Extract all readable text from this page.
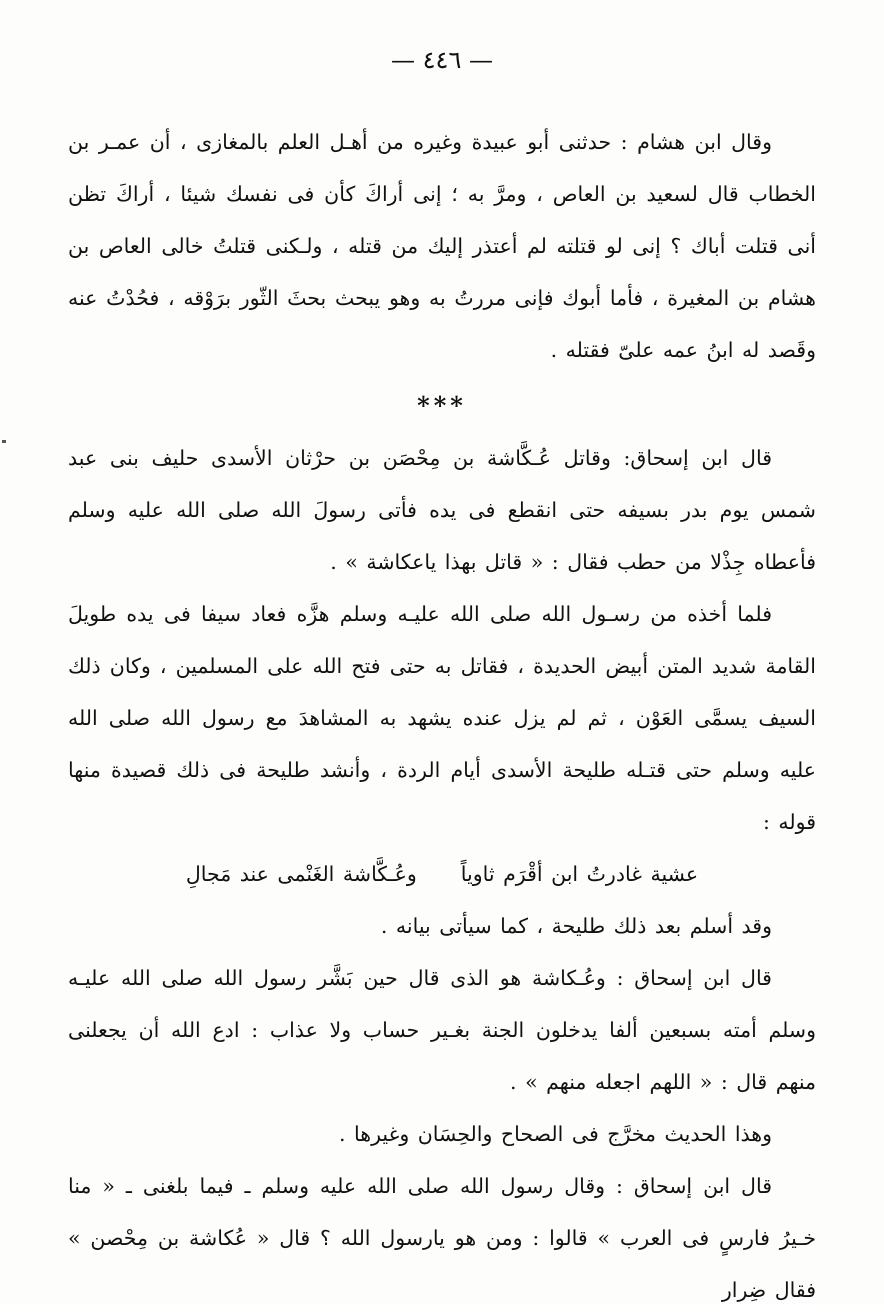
— ٤٤٦ —

وقال ابن هشام : حدثنى أبو عبيدة وغيره من أهـل العلم بالمغازى ، أن عمـر بن الخطاب قال لسعيد بن العاص ، ومرَّ به ؛ إنى أراكَ كأن فى نفسك شيئا ، أراكَ تظن أنى قتلت أباك ؟ إنى لو قتلته لم أعتذر إليك من قتله ، ولـكنى قتلتُ خالى العاص بن هشام بن المغيرة ، فأما أبوك فإنى مررتُ به وهو يبحث بحثَ الثّور برَوْقه ، فحُدْتُ عنه وقَصد له ابنُ عمه علىّ فقتله .

***

قال ابن إسحاق: وقاتل عُـكَّاشة بن مِحْصَن بن حرْثان الأسدى حليف بنى عبد شمس يوم بدر بسيفه حتى انقطع فى يده فأتى رسولَ الله صلى الله عليه وسلم فأعطاه جِذْلا من حطب فقال : « قاتل بهذا ياعكاشة » .

فلما أخذه من رسـول الله صلى الله عليـه وسلم هزَّه فعاد سيفا فى يده طويلَ القامة شديد المتن أبيض الحديدة ، فقاتل به حتى فتح الله على المسلمين ، وكان ذلك السيف يسمَّى العَوْن ، ثم لم يزل عنده يشهد به المشاهدَ مع رسول الله صلى الله عليه وسلم حتى قتـله طليحة الأسدى أيام الردة ، وأنشد طليحة فى ذلك قصيدة منها قوله :

عشية غادرتُ ابن أقْرَم ثاوياً
وعُـكَّاشة الغَنْمى عند مَجالِ

وقد أسلم بعد ذلك طليحة ، كما سيأتى بيانه .

قال ابن إسحاق : وعُـكاشة هو الذى قال حين بَشَّر رسول الله صلى الله عليـه وسلم أمته بسبعين ألفا يدخلون الجنة بغـير حساب ولا عذاب : ادع الله أن يجعلنى منهم قال : « اللهم اجعله منهم » .

وهذا الحديث مخرَّج فى الصحاح والحِسَان وغيرها .

قال ابن إسحاق : وقال رسول الله صلى الله عليه وسلم ـ فيما بلغنى ـ « منا خـيرُ فارسٍ فى العرب » قالوا : ومن هو يارسول الله ؟ قال « عُكاشة بن مِحْصن » فقال ضِرار
